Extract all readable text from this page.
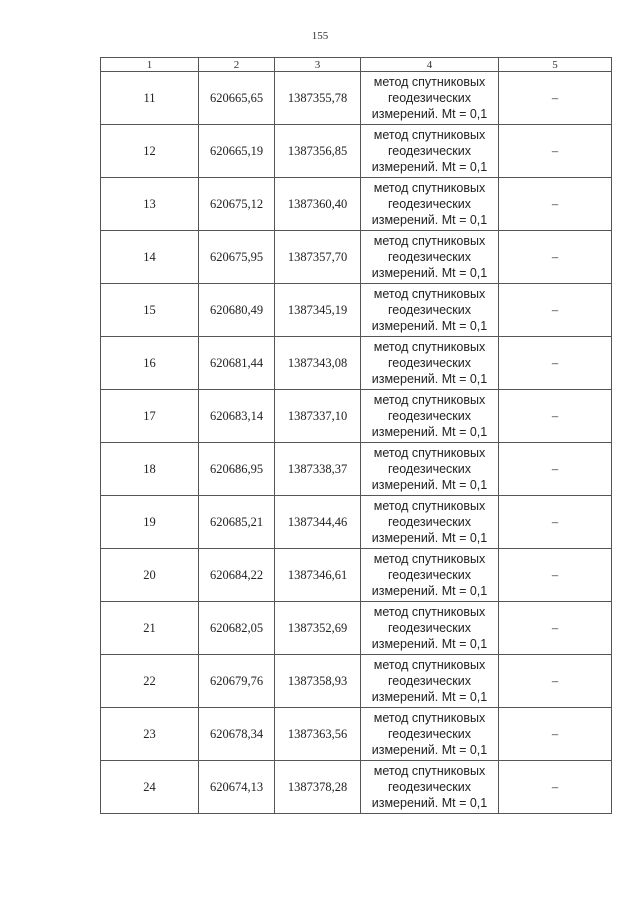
155
1	2	3	4	5
11	620665,65	1387355,78	метод спутниковых
геодезических
измерений. Mt = 0,1	–
12	620665,19	1387356,85	метод спутниковых
геодезических
измерений. Mt = 0,1	–
13	620675,12	1387360,40	метод спутниковых
геодезических
измерений. Mt = 0,1	–
14	620675,95	1387357,70	метод спутниковых
геодезических
измерений. Mt = 0,1	–
15	620680,49	1387345,19	метод спутниковых
геодезических
измерений. Mt = 0,1	–
16	620681,44	1387343,08	метод спутниковых
геодезических
измерений. Mt = 0,1	–
17	620683,14	1387337,10	метод спутниковых
геодезических
измерений. Mt = 0,1	–
18	620686,95	1387338,37	метод спутниковых
геодезических
измерений. Mt = 0,1	–
19	620685,21	1387344,46	метод спутниковых
геодезических
измерений. Mt = 0,1	–
20	620684,22	1387346,61	метод спутниковых
геодезических
измерений. Mt = 0,1	–
21	620682,05	1387352,69	метод спутниковых
геодезических
измерений. Mt = 0,1	–
22	620679,76	1387358,93	метод спутниковых
геодезических
измерений. Mt = 0,1	–
23	620678,34	1387363,56	метод спутниковых
геодезических
измерений. Mt = 0,1	–
24	620674,13	1387378,28	метод спутниковых
геодезических
измерений. Mt = 0,1	–
